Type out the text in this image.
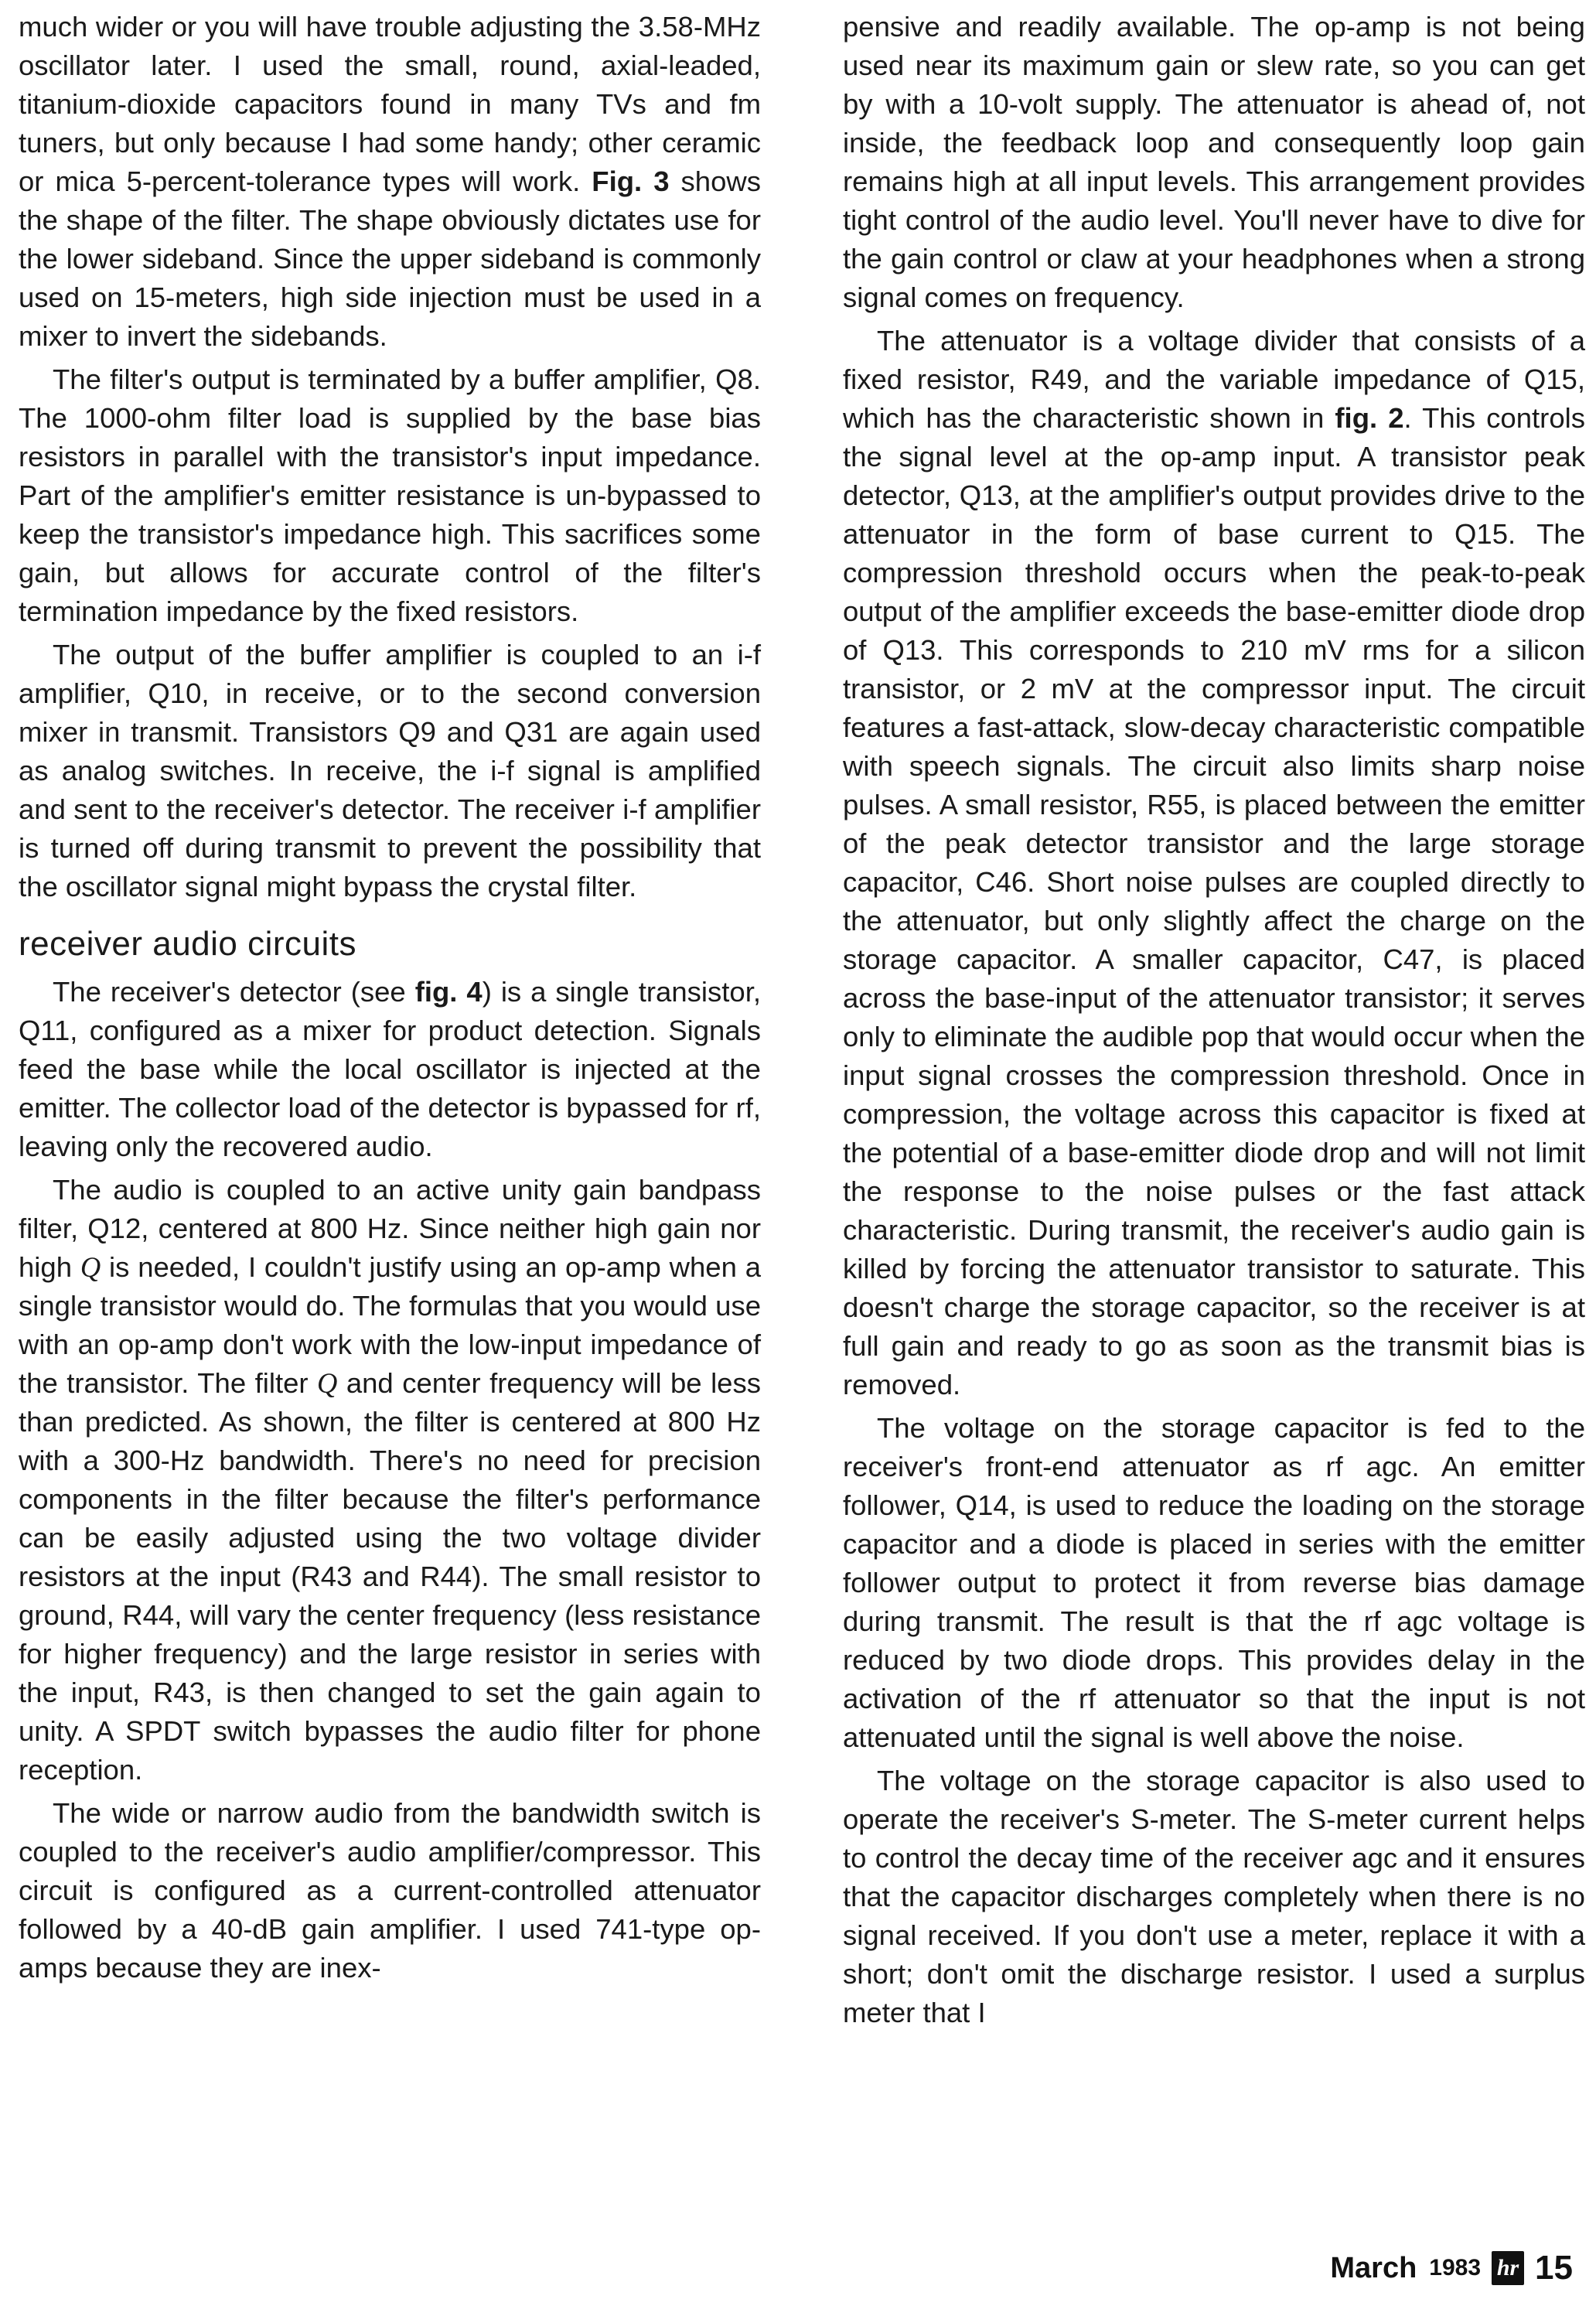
much wider or you will have trouble adjusting the 3.58-MHz oscillator later. I used the small, round, axial-leaded, titanium-dioxide capacitors found in many TVs and fm tuners, but only because I had some handy; other ceramic or mica 5-percent-tolerance types will work. Fig. 3 shows the shape of the filter. The shape obviously dictates use for the lower sideband. Since the upper sideband is commonly used on 15-meters, high side injection must be used in a mixer to invert the sidebands.

The filter's output is terminated by a buffer amplifier, Q8. The 1000-ohm filter load is supplied by the base bias resistors in parallel with the transistor's input impedance. Part of the amplifier's emitter resistance is un-bypassed to keep the transistor's impedance high. This sacrifices some gain, but allows for accurate control of the filter's termination impedance by the fixed resistors.

The output of the buffer amplifier is coupled to an i-f amplifier, Q10, in receive, or to the second conversion mixer in transmit. Transistors Q9 and Q31 are again used as analog switches. In receive, the i-f signal is amplified and sent to the receiver's detector. The receiver i-f amplifier is turned off during transmit to prevent the possibility that the oscillator signal might bypass the crystal filter.

receiver audio circuits

The receiver's detector (see fig. 4) is a single transistor, Q11, configured as a mixer for product detection. Signals feed the base while the local oscillator is injected at the emitter. The collector load of the detector is bypassed for rf, leaving only the recovered audio.

The audio is coupled to an active unity gain bandpass filter, Q12, centered at 800 Hz. Since neither high gain nor high Q is needed, I couldn't justify using an op-amp when a single transistor would do. The formulas that you would use with an op-amp don't work with the low-input impedance of the transistor. The filter Q and center frequency will be less than predicted. As shown, the filter is centered at 800 Hz with a 300-Hz bandwidth. There's no need for precision components in the filter because the filter's performance can be easily adjusted using the two voltage divider resistors at the input (R43 and R44). The small resistor to ground, R44, will vary the center frequency (less resistance for higher frequency) and the large resistor in series with the input, R43, is then changed to set the gain again to unity. A SPDT switch bypasses the audio filter for phone reception.

The wide or narrow audio from the bandwidth switch is coupled to the receiver's audio amplifier/compressor. This circuit is configured as a current-controlled attenuator followed by a 40-dB gain amplifier. I used 741-type op-amps because they are inex-

pensive and readily available. The op-amp is not being used near its maximum gain or slew rate, so you can get by with a 10-volt supply. The attenuator is ahead of, not inside, the feedback loop and consequently loop gain remains high at all input levels. This arrangement provides tight control of the audio level. You'll never have to dive for the gain control or claw at your headphones when a strong signal comes on frequency.

The attenuator is a voltage divider that consists of a fixed resistor, R49, and the variable impedance of Q15, which has the characteristic shown in fig. 2. This controls the signal level at the op-amp input. A transistor peak detector, Q13, at the amplifier's output provides drive to the attenuator in the form of base current to Q15. The compression threshold occurs when the peak-to-peak output of the amplifier exceeds the base-emitter diode drop of Q13. This corresponds to 210 mV rms for a silicon transistor, or 2 mV at the compressor input. The circuit features a fast-attack, slow-decay characteristic compatible with speech signals. The circuit also limits sharp noise pulses. A small resistor, R55, is placed between the emitter of the peak detector transistor and the large storage capacitor, C46. Short noise pulses are coupled directly to the attenuator, but only slightly affect the charge on the storage capacitor. A smaller capacitor, C47, is placed across the base-input of the attenuator transistor; it serves only to eliminate the audible pop that would occur when the input signal crosses the compression threshold. Once in compression, the voltage across this capacitor is fixed at the potential of a base-emitter diode drop and will not limit the response to the noise pulses or the fast attack characteristic. During transmit, the receiver's audio gain is killed by forcing the attenuator transistor to saturate. This doesn't charge the storage capacitor, so the receiver is at full gain and ready to go as soon as the transmit bias is removed.

The voltage on the storage capacitor is fed to the receiver's front-end attenuator as rf agc. An emitter follower, Q14, is used to reduce the loading on the storage capacitor and a diode is placed in series with the emitter follower output to protect it from reverse bias damage during transmit. The result is that the rf agc voltage is reduced by two diode drops. This provides delay in the activation of the rf attenuator so that the input is not attenuated until the signal is well above the noise.

The voltage on the storage capacitor is also used to operate the receiver's S-meter. The S-meter current helps to control the decay time of the receiver agc and it ensures that the capacitor discharges completely when there is no signal received. If you don't use a meter, replace it with a short; don't omit the discharge resistor. I used a surplus meter that I

March 1983 hr 15
